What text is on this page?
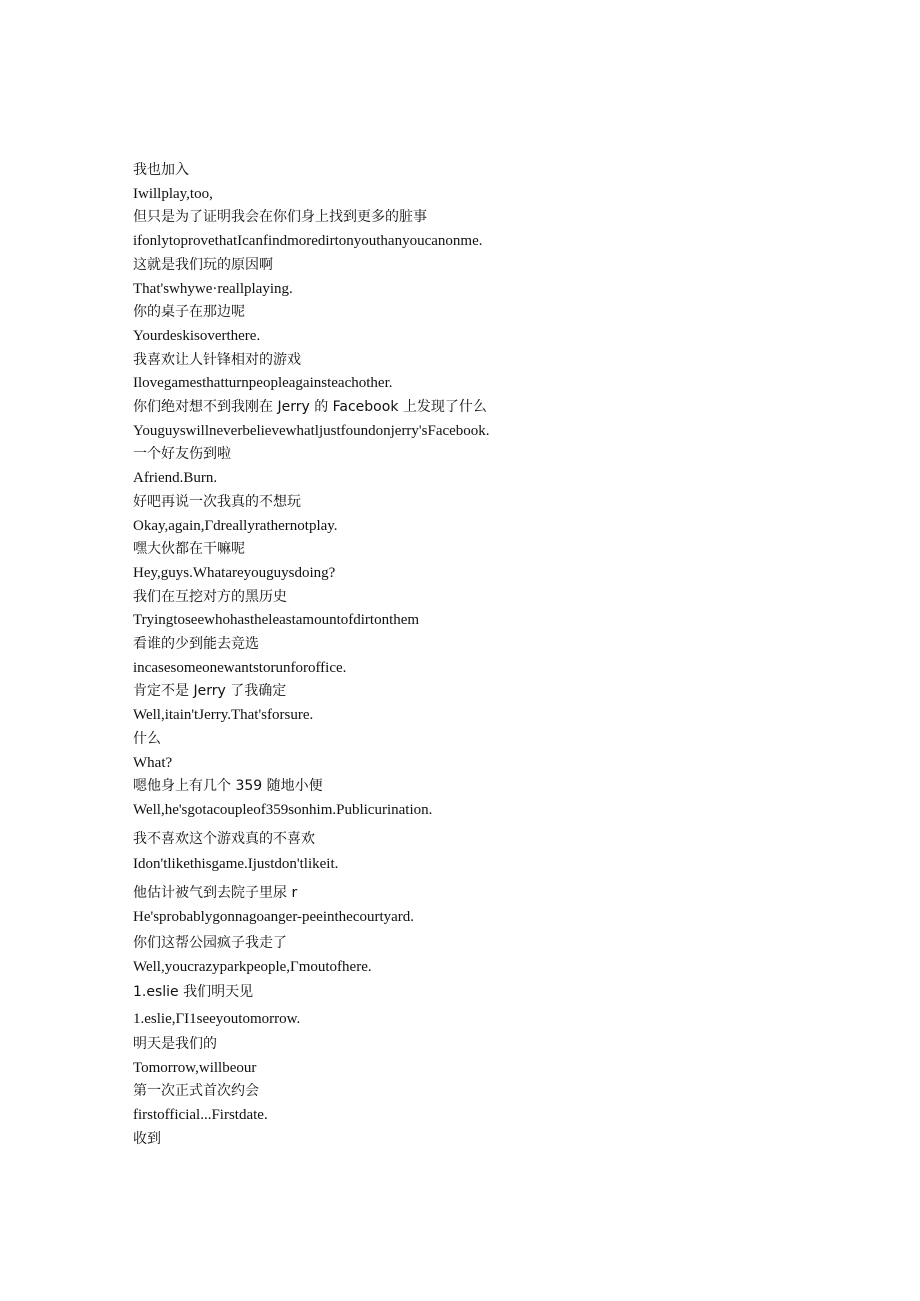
我也加入
Iwillplay,too,
但只是为了证明我会在你们身上找到更多的脏事
ifonlytoprovethatIcanfindmoredirtonyouthanyoucanonme.
这就是我们玩的原因啊
That'swhywe·reallplaying.
你的桌子在那边呢
Yourdeskisoverthere.
我喜欢让人针锋相对的游戏
Ilovegamesthatturnpeopleagainsteachother.
你们绝对想不到我刚在 Jerry 的 Facebook 上发现了什么
Youguyswillneverbelievewhatljustfoundonjerry'sFacebook.
一个好友伤到啦
Afriend.Burn.
好吧再说一次我真的不想玩
Okay,again,Γdreallyrathernotplay.
嘿大伙都在干嘛呢
Hey,guys.Whatareyouguysdoing?
我们在互挖对方的黑历史
Tryingtoseewhohastheleastamountofdirtonthem
看谁的少到能去竞选
incasesomeonewantstorunforoffice.
肯定不是 Jerry 了我确定
Well,itain'tJerry.That'sforsure.
什么
What?
嗯他身上有几个 359 随地小便
Well,he'sgotacoupleof359sonhim.Publicurination.
我不喜欢这个游戏真的不喜欢
Idon'tlikethisgame.Ijustdon'tlikeit.
他估计被气到去院子里尿 r
He'sprobablygonnagoanger-peeinthecourtyard.
你们这帮公园疯子我走了
Well,youcrazyparkpeople,Γmoutofhere.
1.eslie 我们明天见
1.eslie,ΓI1seeyoutomorrow.
明天是我们的
Tomorrow,willbeour
第一次正式首次约会
firstofficial...Firstdate.
收到
